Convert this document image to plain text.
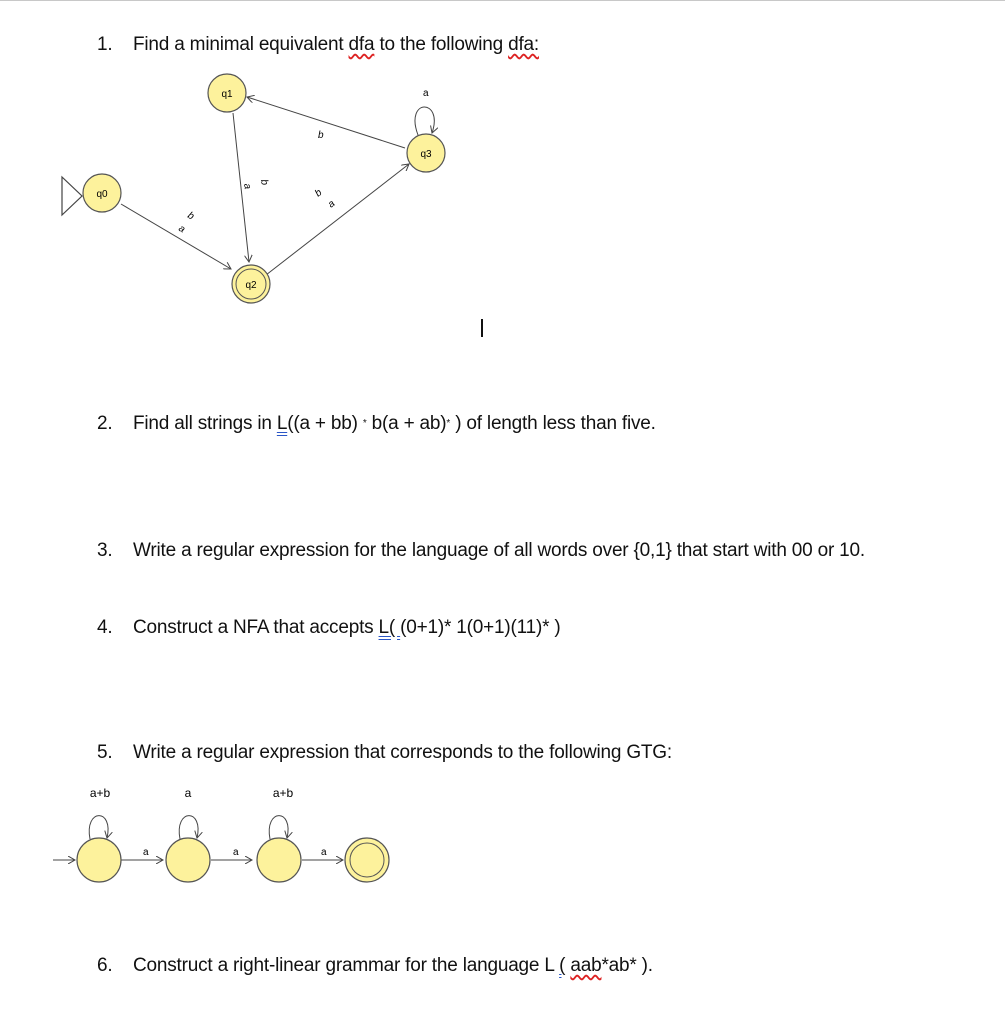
1. Find a minimal equivalent dfa to the following dfa:
b
a
a
b
b
b
a
a
q0
q1
q2
q3
a+b	a	a+b
a	a	a
2. Find all strings in L((a + bb) * b(a + ab)* ) of length less than five.
3. Write a regular expression for the language of all words over {0,1} that start with 00 or 10.
4. Construct a NFA that accepts L( (0+1)* 1(0+1)(11)* )
5. Write a regular expression that corresponds to the following GTG:
6. Construct a right-linear grammar for the language L ( aab*ab* ).
